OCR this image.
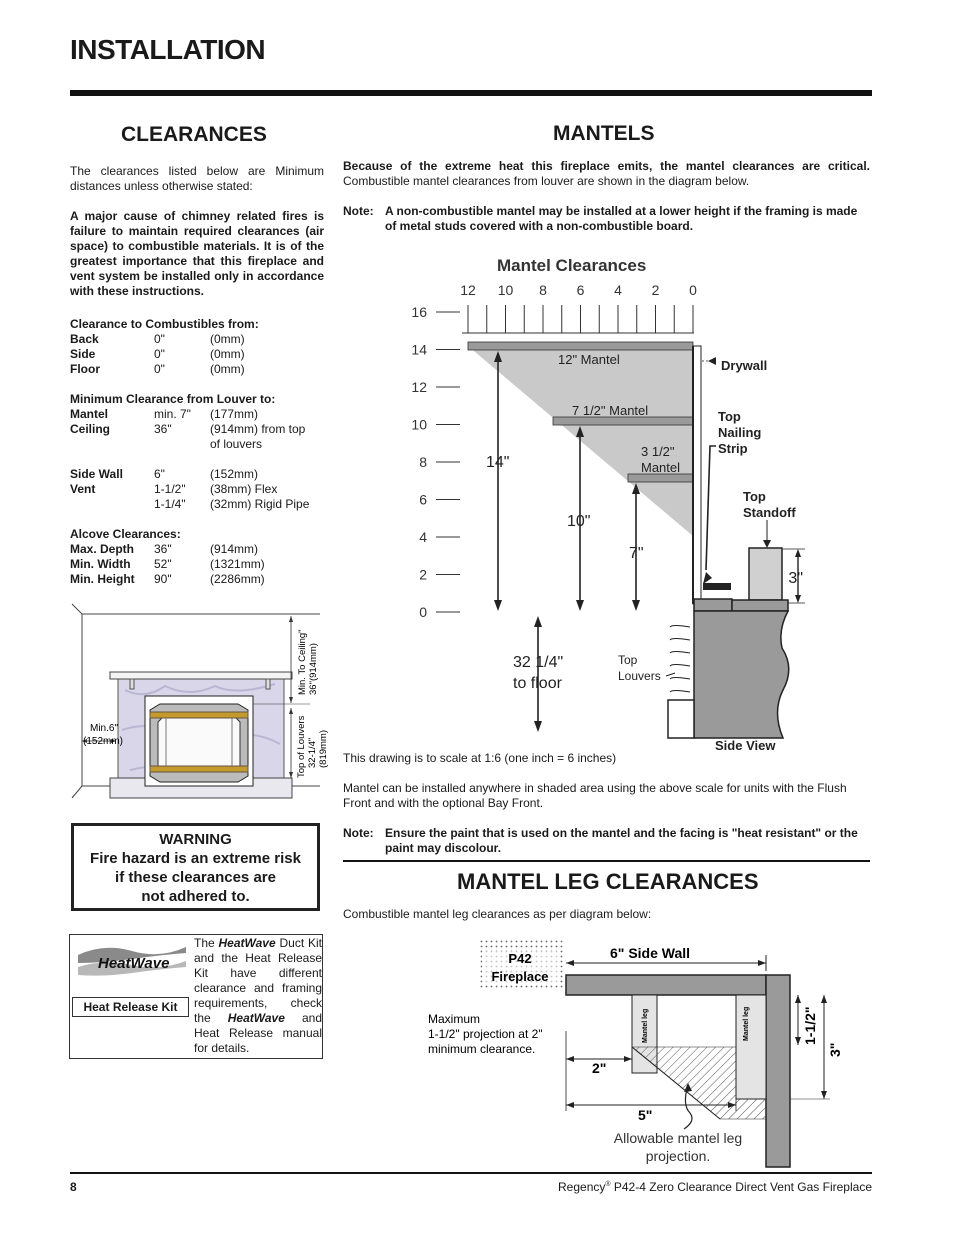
INSTALLATION
CLEARANCES
The clearances listed below are Minimum distances unless otherwise stated:
A major cause of chimney related fires is failure to maintain required clearances (air space) to combustible materials. It is of the greatest importance that this fireplace and vent system be installed only in accordance with these instructions.
Clearance to Combustibles from:
Back	0"	(0mm)
Side	0"	(0mm)
Floor	0"	(0mm)
Minimum Clearance from Louver to:
Mantel	min. 7" (177mm)
Ceiling	36"	(914mm) from top
of louvers
Side Wall	6"	(152mm)
Vent	1-1/2" (38mm) Flex
1-1/4" (32mm) Rigid Pipe
Alcove Clearances:
Max. Depth 36"	(914mm)
Min. Width 52"	(1321mm)
Min. Height 90"	(2286mm)
Min.6"
(152mm)
Min. To Ceiling" 36"(914mm)
Top of Louvers 32-1/4" (819mm)
WARNING
Fire hazard is an extreme risk
if these clearances are
not adhered to.
HeatWave
Heat Release Kit
The HeatWave Duct Kit and the Heat Release Kit have different clearance and framing requirements, check the HeatWave and Heat Release manual for details.
MANTELS
Because of the extreme heat this fireplace emits, the mantel clearances are critical. Combustible mantel clearances from louver are shown in the diagram below.
Note: A non-combustible mantel may be installed at a lower height if the framing is made of metal studs covered with a non-combustible board.
Mantel Clearances
12 10 8 6 4 2 0
16
14
12
10
8
6
4
2
0
12" Mantel
7 1/2" Mantel
3 1/2"
Mantel
14"
10"
7"
32 1/4"
to floor
Drywall
Top
Nailing
Strip
Top
Standoff
3"
Top
Louvers
Side View
This drawing is to scale at 1:6 (one inch = 6 inches)
Mantel can be installed anywhere in shaded area using the above scale for units with the Flush Front and with the optional Bay Front.
Note: Ensure the paint that is used on the mantel and the facing is "heat resistant" or the paint may discolour.
MANTEL LEG CLEARANCES
Combustible mantel leg clearances as per diagram below:
P42
Fireplace
6" Side Wall
Mantel leg	Mantel leg	1-1/2"
3"
2"
5"
Maximum
1-1/2" projection at 2"
minimum clearance.
Allowable mantel leg
projection.
8	Regency® P42-4 Zero Clearance Direct Vent Gas Fireplace
